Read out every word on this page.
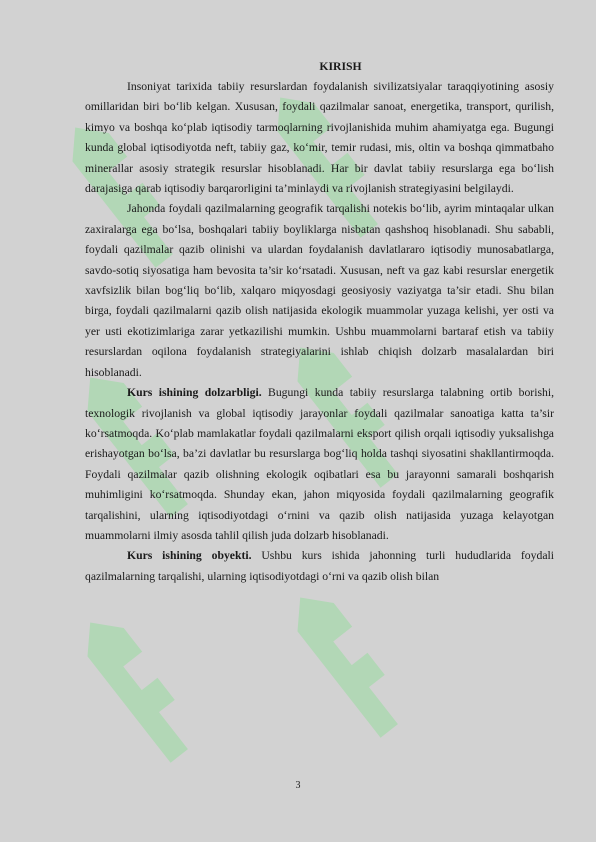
KIRISH

Insoniyat tarixida tabiiy resurslardan foydalanish sivilizatsiyalar taraqqiyotining asosiy omillaridan biri bo‘lib kelgan. Xususan, foydali qazilmalar sanoat, energetika, transport, qurilish, kimyo va boshqa ko‘plab iqtisodiy tarmoqlarning rivojlanishida muhim ahamiyatga ega. Bugungi kunda global iqtisodiyotda neft, tabiiy gaz, ko‘mir, temir rudasi, mis, oltin va boshqa qimmatbaho minerallar asosiy strategik resurslar hisoblanadi. Har bir davlat tabiiy resurslarga ega bo‘lish darajasiga qarab iqtisodiy barqarorligini ta’minlaydi va rivojlanish strategiyasini belgilaydi.

Jahonda foydali qazilmalarning geografik tarqalishi notekis bo‘lib, ayrim mintaqalar ulkan zaxiralarga ega bo‘lsa, boshqalari tabiiy boyliklarga nisbatan qashshoq hisoblanadi. Shu sababli, foydali qazilmalar qazib olinishi va ulardan foydalanish davlatlararo iqtisodiy munosabatlarga, savdo-sotiq siyosatiga ham bevosita ta’sir ko‘rsatadi. Xususan, neft va gaz kabi resurslar energetik xavfsizlik bilan bog‘liq bo‘lib, xalqaro miqyosdagi geosiyosiy vaziyatga ta’sir etadi. Shu bilan birga, foydali qazilmalarni qazib olish natijasida ekologik muammolar yuzaga kelishi, yer osti va yer usti ekotizimlariga zarar yetkazilishi mumkin. Ushbu muammolarni bartaraf etish va tabiiy resurslardan oqilona foydalanish strategiyalarini ishlab chiqish dolzarb masalalardan biri hisoblanadi.

Kurs ishining dolzarbligi. Bugungi kunda tabiiy resurslarga talabning ortib borishi, texnologik rivojlanish va global iqtisodiy jarayonlar foydali qazilmalar sanoatiga katta ta’sir ko‘rsatmoqda. Ko‘plab mamlakatlar foydali qazilmalarni eksport qilish orqali iqtisodiy yuksalishga erishayotgan bo‘lsa, ba’zi davlatlar bu resurslarga bog‘liq holda tashqi siyosatini shakllantirmoqda. Foydali qazilmalar qazib olishning ekologik oqibatlari esa bu jarayonni samarali boshqarish muhimligini ko‘rsatmoqda. Shunday ekan, jahon miqyosida foydali qazilmalarning geografik tarqalishini, ularning iqtisodiyotdagi o‘rnini va qazib olish natijasida yuzaga kelayotgan muammolarni ilmiy asosda tahlil qilish juda dolzarb hisoblanadi.

Kurs ishining obyekti. Ushbu kurs ishida jahonning turli hududlarida foydali qazilmalarning tarqalishi, ularning iqtisodiyotdagi o‘rni va qazib olish bilan

3
